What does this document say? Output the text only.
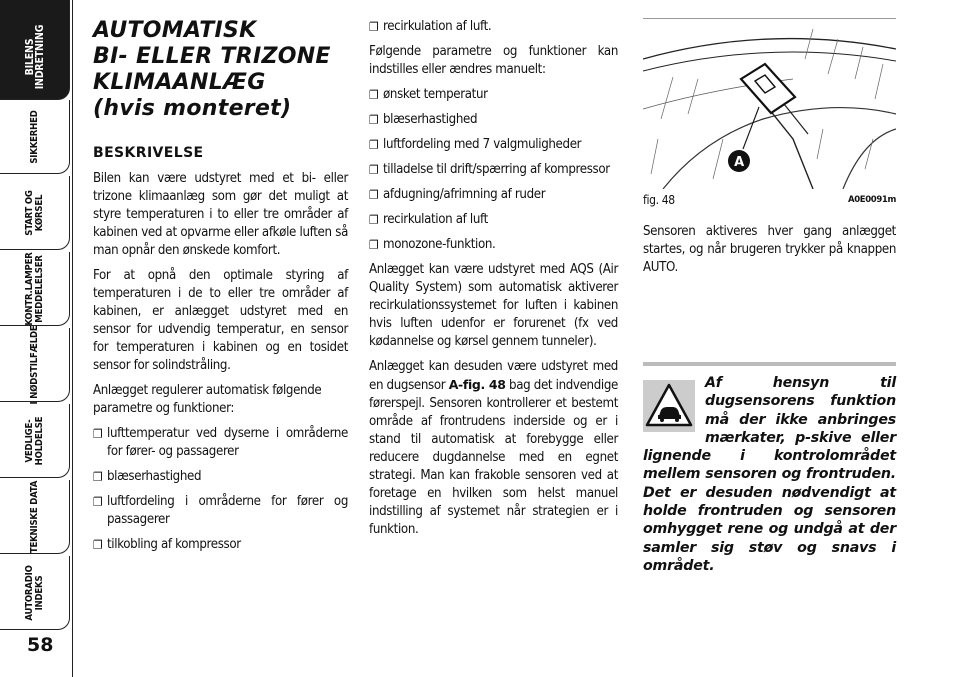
BILENS
INDRETNING
SIKKERHED
START OG
KØRSEL
KONTR.LAMPER
MEDDELELSER
I NØDSTILFÆLDE
VEDLIGE-
HOLDELSE
TEKNISKE DATA
AUTORADIO
INDEKS
58
AUTOMATISK
BI- ELLER TRIZONE
KLIMAANLÆG
(hvis monteret)
BESKRIVELSE

Bilen kan være udstyret med et bi- eller trizone klimaanlæg som gør det muligt at styre temperaturen i to eller tre områder af kabinen ved at opvarme eller afkøle luften så man opnår den ønskede komfort.

For at opnå den optimale styring af temperaturen i de to eller tre områder af kabinen, er anlægget udstyret med en sensor for udvendig temperatur, en sensor for temperaturen i kabinen og en tosidet sensor for solindstråling.

Anlægget regulerer automatisk følgende parametre og funktioner:

❐ lufttemperatur ved dyserne i områderne for fører- og passagerer
❐ blæserhastighed
❐ luftfordeling i områderne for fører og passagerer
❐ tilkobling af kompressor
❐ recirkulation af luft.

Følgende parametre og funktioner kan indstilles eller ændres manuelt:

❐ ønsket temperatur
❐ blæserhastighed
❐ luftfordeling med 7 valgmuligheder
❐ tilladelse til drift/spærring af kompressor
❐ afdugning/afrimning af ruder
❐ recirkulation af luft
❐ monozone-funktion.

Anlægget kan være udstyret med AQS (Air Quality System) som automatisk aktiverer recirkulationssystemet for luften i kabinen hvis luften udenfor er forurenet (fx ved kødannelse og kørsel gennem tunneler).

Anlægget kan desuden være udstyret med en dugsensor A-fig. 48 bag det indvendige førerspejl. Sensoren kontrollerer et bestemt område af frontrudens inderside og er i stand til automatisk at forebygge eller reducere dugdannelse med en egnet strategi. Man kan frakoble sensoren ved at foretage en hvilken som helst manuel indstilling af systemet når strategien er i funktion.

A
fig. 48	A0E0091m

Sensoren aktiveres hver gang anlægget startes, og når brugeren trykker på knappen AUTO.

Af hensyn til dugsensorens funktion må der ikke anbringes mærkater, p-skive eller lignende i kontrolområdet mellem sensoren og frontruden. Det er desuden nødvendigt at holde frontruden og sensoren omhygget rene og undgå at der samler sig støv og snavs i området.
